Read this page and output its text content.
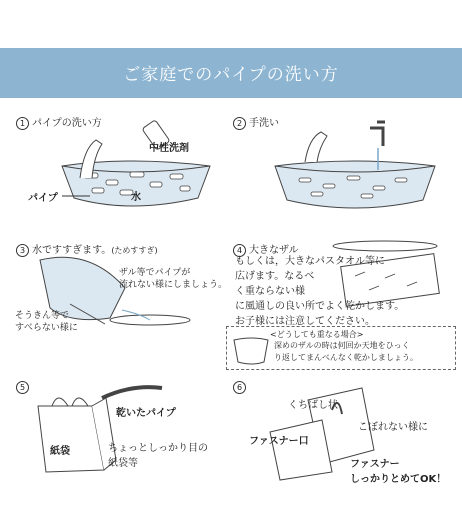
ご家庭でのパイプの洗い方
1 パイプの洗い方
中性洗剤
パイプ	水
2 手洗い
3 水ですすぎます。(ためすすぎ)
ザル等でパイプが
流れない様にしましょう。
そうきん等で
すべらない様に
4 大きなザル
もしくは，大きなパスタオル等に
広げます。なるべ
く重ならない様
に風通しの良い所でよく乾かします。
お子様には注意してください。
<どうしても重なる場合>
深めのザルの時は何回か天地をひっく
り返してまんべんなく乾かしましょう。
5
乾いたパイプ
紙袋	ちょっとしっかり目の
紙袋等
6
くちばし状
こぼれない様に
ファスナー口
ファスナー
しっかりとめてOK！
